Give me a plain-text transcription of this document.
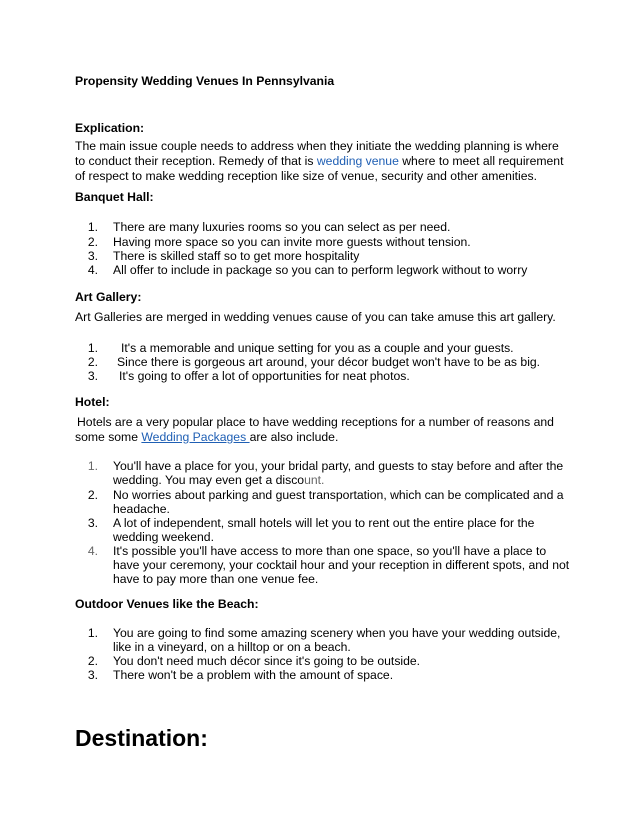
Propensity Wedding Venues In Pennsylvania
Explication:
The main issue couple needs to address when they initiate the wedding planning is where
to conduct their reception. Remedy of that is wedding venue where to meet all requirement
of respect to make wedding reception like size of venue, security and other amenities.
Banquet Hall:
1. There are many luxuries rooms so you can select as per need.
2. Having more space so you can invite more guests without tension.
3. There is skilled staff so to get more hospitality
4. All offer to include in package so you can to perform legwork without to worry
Art Gallery:
Art Galleries are merged in wedding venues cause of you can take amuse this art gallery.
1. It's a memorable and unique setting for you as a couple and your guests.
2. Since there is gorgeous art around, your décor budget won't have to be as big.
3. It's going to offer a lot of opportunities for neat photos.
Hotel:
Hotels are a very popular place to have wedding receptions for a number of reasons and
some some Wedding Packages are also include.
1. You'll have a place for you, your bridal party, and guests to stay before and after the
wedding. You may even get a discount.
2. No worries about parking and guest transportation, which can be complicated and a
headache.
3. A lot of independent, small hotels will let you to rent out the entire place for the
wedding weekend.
4. It's possible you'll have access to more than one space, so you'll have a place to
have your ceremony, your cocktail hour and your reception in different spots, and not
have to pay more than one venue fee.
Outdoor Venues like the Beach:
1. You are going to find some amazing scenery when you have your wedding outside,
like in a vineyard, on a hilltop or on a beach.
2. You don't need much décor since it's going to be outside.
3. There won't be a problem with the amount of space.
Destination:
